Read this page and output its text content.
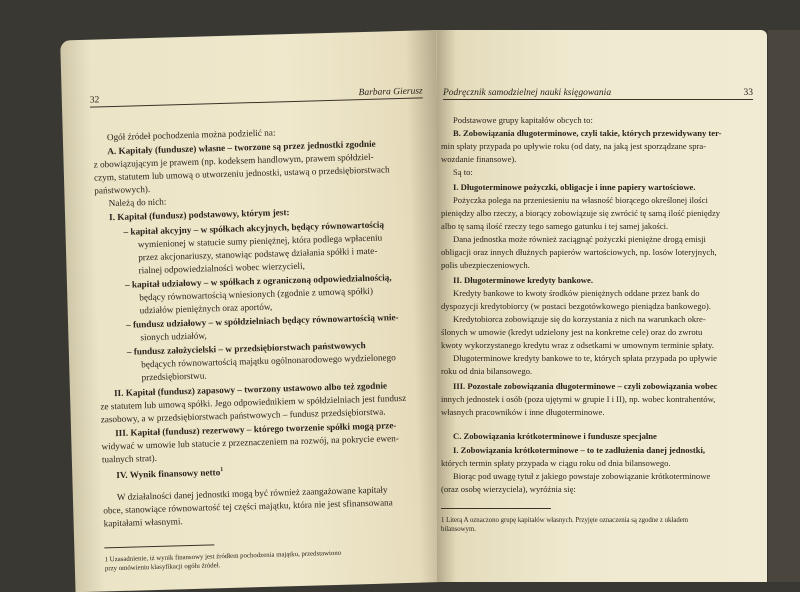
32
Barbara Gierusz
Ogół źródeł pochodzenia można podzielić na:
A. Kapitały (fundusze) własne – tworzone są przez jednostki zgodnie
z obowiązującym je prawem (np. kodeksem handlowym, prawem spółdziel-
czym, statutem lub umową o utworzeniu jednostki, ustawą o przedsiębiorstwach
państwowych).
Należą do nich:
I. Kapitał (fundusz) podstawowy, którym jest:
– kapitał akcyjny – w spółkach akcyjnych, będący równowartością
wymienionej w statucie sumy pieniężnej, która podlega wpłaceniu
przez akcjonariuszy, stanowiąc podstawę działania spółki i mate-
rialnej odpowiedzialności wobec wierzycieli,
– kapitał udziałowy – w spółkach z ograniczoną odpowiedzialnością,
będący równowartością wniesionych (zgodnie z umową spółki)
udziałów pieniężnych oraz aportów,
– fundusz udziałowy – w spółdzielniach będący równowartością wnie-
sionych udziałów,
– fundusz założycielski – w przedsiębiorstwach państwowych
będących równowartością majątku ogólnonarodowego wydzielonego
przedsiębiorstwu.
II. Kapitał (fundusz) zapasowy – tworzony ustawowo albo też zgodnie
ze statutem lub umową spółki. Jego odpowiednikiem w spółdzielniach jest fundusz
zasobowy, a w przedsiębiorstwach państwowych – fundusz przedsiębiorstwa.
III. Kapitał (fundusz) rezerwowy – którego tworzenie spółki mogą prze-
widywać w umowie lub statucie z przeznaczeniem na rozwój, na pokrycie ewen-
tualnych strat).
IV. Wynik finansowy netto$^1$
W działalności danej jednostki mogą być również zaangażowane kapitały
obce, stanowiące równowartość tej części majątku, która nie jest sfinansowana
kapitałami własnymi.
1 Uzasadnienie, iż wynik finansowy jest źródłem pochodzenia majątku, przedstawiono
przy omówieniu klasyfikacji ogółu źródeł.
Podręcznik samodzielnej nauki księgowania	33
Podstawowe grupy kapitałów obcych to:
B. Zobowiązania długoterminowe, czyli takie, których przewidywany ter-
min spłaty przypada po upływie roku (od daty, na jaką jest sporządzane spra-
wozdanie finansowe).
Są to:
I. Długoterminowe pożyczki, obligacje i inne papiery wartościowe.
Pożyczka polega na przeniesieniu na własność biorącego określonej ilości
pieniędzy albo rzeczy, a biorący zobowiązuje się zwrócić tę samą ilość pieniędzy
albo tę samą ilość rzeczy tego samego gatunku i tej samej jakości.
Dana jednostka może również zaciągnąć pożyczki pieniężne drogą emisji
obligacji oraz innych dłużnych papierów wartościowych, np. losów loteryjnych,
polis ubezpieczeniowych.
II. Długoterminowe kredyty bankowe.
Kredyty bankowe to kwoty środków pieniężnych oddane przez bank do
dyspozycji kredytobiorcy (w postaci bezgotówkowego pieniądza bankowego).
Kredytobiorca zobowiązuje się do korzystania z nich na warunkach okre-
ślonych w umowie (kredyt udzielony jest na konkretne cele) oraz do zwrotu
kwoty wykorzystanego kredytu wraz z odsetkami w umownym terminie spłaty.
Długoterminowe kredyty bankowe to te, których spłata przypada po upływie
roku od dnia bilansowego.
III. Pozostałe zobowiązania długoterminowe – czyli zobowiązania wobec
innych jednostek i osób (poza ujętymi w grupie I i II), np. wobec kontrahentów,
własnych pracowników i inne długoterminowe.
C. Zobowiązania krótkoterminowe i fundusze specjalne
I. Zobowiązania krótkoterminowe – to te zadłużenia danej jednostki,
których termin spłaty przypada w ciągu roku od dnia bilansowego.
Biorąc pod uwagę tytuł z jakiego powstaje zobowiązanie krótkoterminowe
(oraz osobę wierzyciela), wyróżnia się:
1 Literą A oznaczono grupę kapitałów własnych. Przyjęte oznaczenia są zgodne z układem
bilansowym.
